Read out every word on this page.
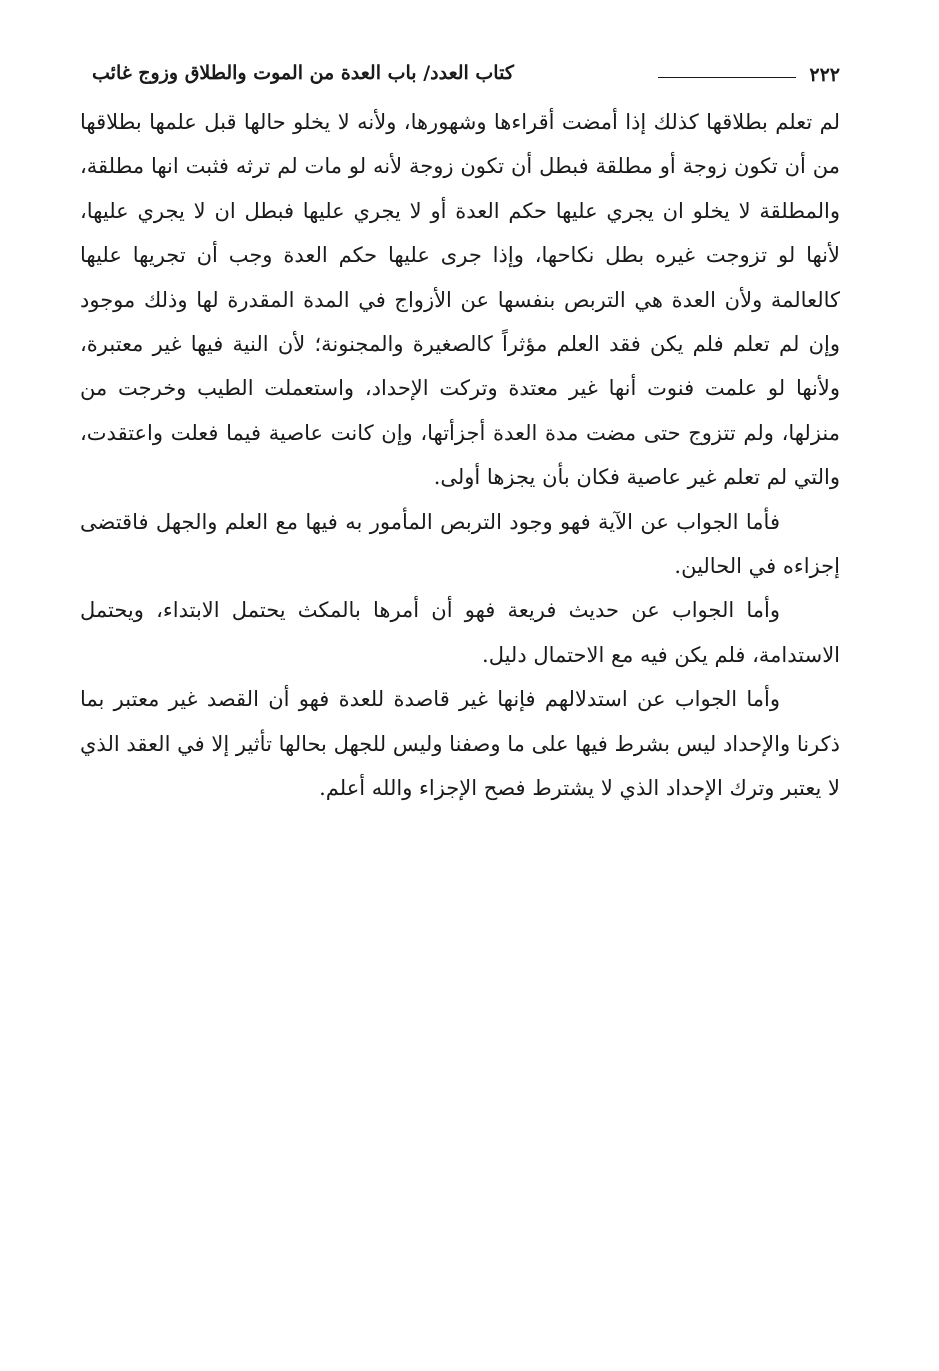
٢٢٢
كتاب العدد/ باب العدة من الموت والطلاق وزوج غائب

لم تعلم بطلاقها كذلك إذا أمضت أقراءها وشهورها، ولأنه لا يخلو حالها قبل علمها بطلاقها من أن تكون زوجة أو مطلقة فبطل أن تكون زوجة لأنه لو مات لم ترثه فثبت انها مطلقة، والمطلقة لا يخلو ان يجري عليها حكم العدة أو لا يجري عليها فبطل ان لا يجري عليها، لأنها لو تزوجت غيره بطل نكاحها، وإذا جرى عليها حكم العدة وجب أن تجريها عليها كالعالمة ولأن العدة هي التربص بنفسها عن الأزواج في المدة المقدرة لها وذلك موجود وإن لم تعلم فلم يكن فقد العلم مؤثراً كالصغيرة والمجنونة؛ لأن النية فيها غير معتبرة، ولأنها لو علمت فنوت أنها غير معتدة وتركت الإحداد، واستعملت الطيب وخرجت من منزلها، ولم تتزوج حتى مضت مدة العدة أجزأتها، وإن كانت عاصية فيما فعلت واعتقدت، والتي لم تعلم غير عاصية فكان بأن يجزها أولى.

فأما الجواب عن الآية فهو وجود التربص المأمور به فيها مع العلم والجهل فاقتضى إجزاءه في الحالين.

وأما الجواب عن حديث فريعة فهو أن أمرها بالمكث يحتمل الابتداء، ويحتمل الاستدامة، فلم يكن فيه مع الاحتمال دليل.

وأما الجواب عن استدلالهم فإنها غير قاصدة للعدة فهو أن القصد غير معتبر بما ذكرنا والإحداد ليس بشرط فيها على ما وصفنا وليس للجهل بحالها تأثير إلا في العقد الذي لا يعتبر وترك الإحداد الذي لا يشترط فصح الإجزاء والله أعلم.
